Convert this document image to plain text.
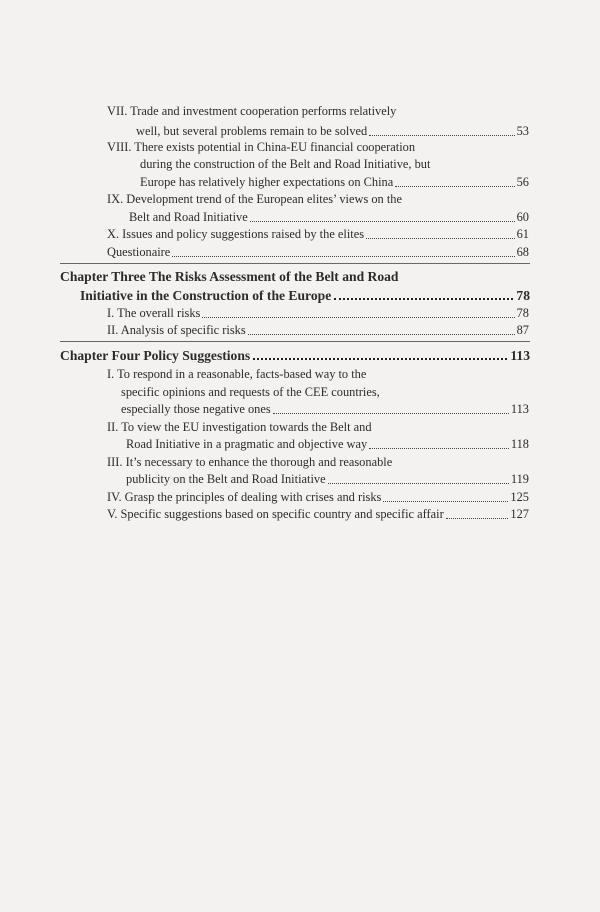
VII. Trade and investment cooperation performs relatively
well, but several problems remain to be solved	53
VIII. There exists potential in China-EU financial cooperation
during the construction of the Belt and Road Initiative, but
Europe has relatively higher expectations on China	56
IX. Development trend of the European elites’ views on the
Belt and Road Initiative	60
X. Issues and policy suggestions raised by the elites	61
Questionaire	68
Chapter Three The Risks Assessment of the Belt and Road
Initiative in the Construction of the Europe	78
I. The overall risks	78
II. Analysis of specific risks	87
Chapter Four Policy Suggestions	113
I. To respond in a reasonable, facts-based way to the
specific opinions and requests of the CEE countries,
especially those negative ones	113
II. To view the EU investigation towards the Belt and
Road Initiative in a pragmatic and objective way	118
III. It’s necessary to enhance the thorough and reasonable
publicity on the Belt and Road Initiative	119
IV. Grasp the principles of dealing with crises and risks	125
V. Specific suggestions based on specific country and specific affair	127
